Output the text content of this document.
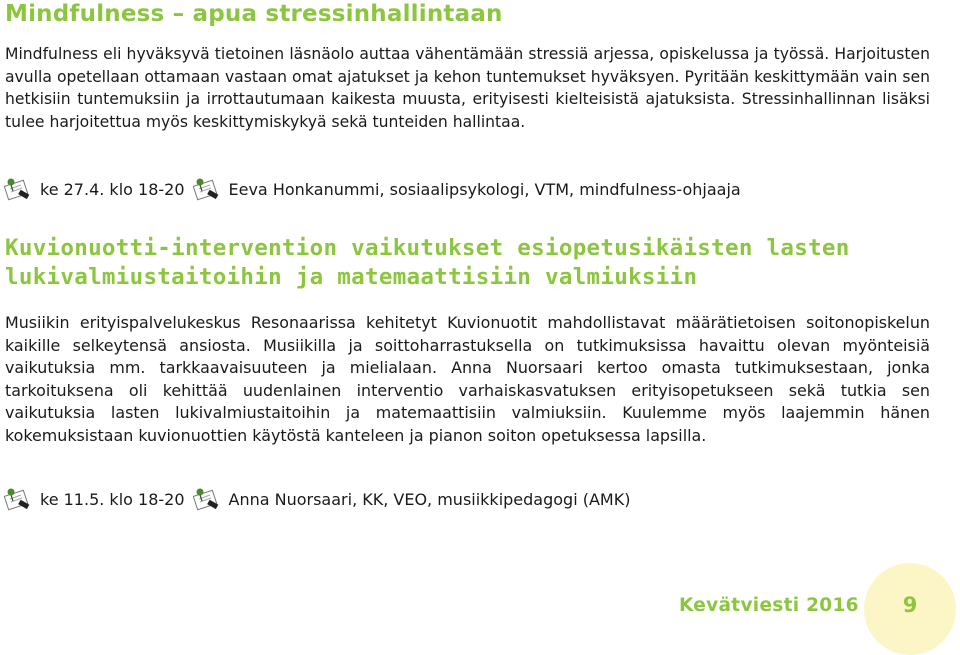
Mindfulness – apua stressinhallintaan

Mindfulness eli hyväksyvä tietoinen läsnäolo auttaa vähentämään stressiä arjessa, opiskelussa ja työssä. Harjoitusten avulla opetellaan ottamaan vastaan omat ajatukset ja kehon tuntemukset hyväksyen. Pyritään keskittymään vain sen hetkisiin tuntemuksiin ja irrottautumaan kaikesta muusta, erityisesti kielteisistä ajatuksista. Stressinhallinnan lisäksi tulee harjoitettua myös keskittymiskykyä sekä tunteiden hallintaa.

ke 27.4. klo 18-20	Eeva Honkanummi, sosiaalipsykologi, VTM, mindfulness-ohjaaja
Kuvionuotti-intervention vaikutukset esiopetusikäisten lasten lukivalmiustaitoihin ja matemaattisiin valmiuksiin

Musiikin erityispalvelukeskus Resonaarissa kehitetyt Kuvionuotit mahdollistavat määrätietoisen soitonopiskelun kaikille selkeytensä ansiosta. Musiikilla ja soittoharrastuksella on tutkimuksissa havaittu olevan myönteisiä vaikutuksia mm. tarkkaavaisuuteen ja mielialaan. Anna Nuorsaari kertoo omasta tutkimuksestaan, jonka tarkoituksena oli kehittää uudenlainen interventio varhaiskasvatuksen erityisopetukseen sekä tutkia sen vaikutuksia lasten lukivalmiustaitoihin ja matemaattisiin valmiuksiin. Kuulemme myös laajemmin hänen kokemuksistaan kuvionuottien käytöstä kanteleen ja pianon soiton opetuksessa lapsilla.

ke 11.5. klo 18-20	Anna Nuorsaari, KK, VEO, musiikkipedagogi (AMK)
Kevätviesti 2016	9
